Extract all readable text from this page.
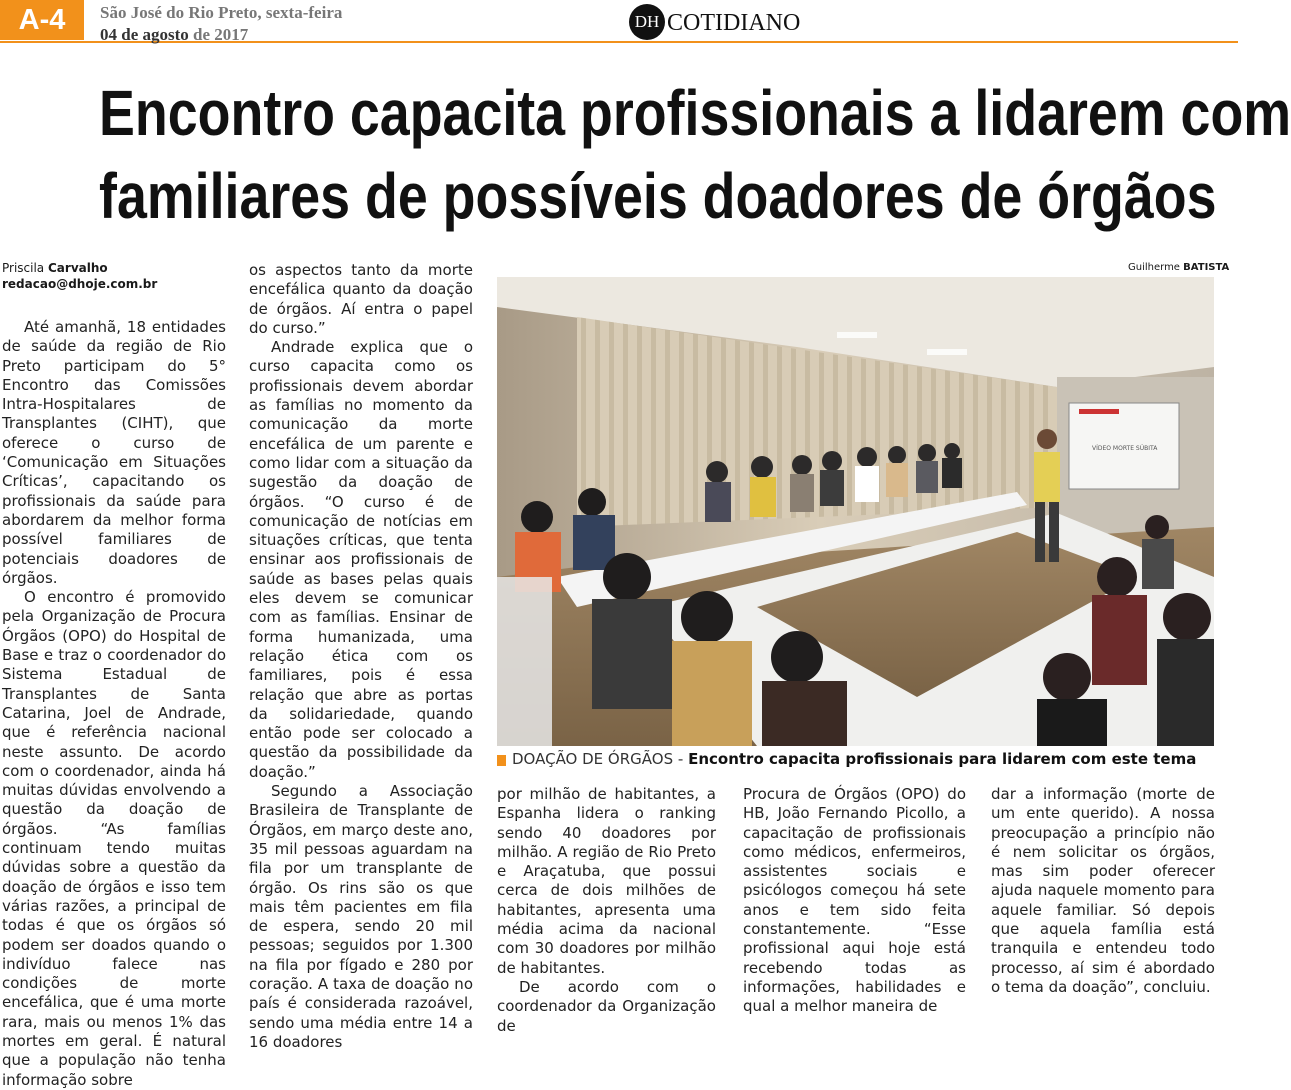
A-4	São José do Rio Preto, sexta-feira
04 de agosto de 2017
DH COTIDIANO
Encontro capacita profissionais a lidarem com
familiares de possíveis doadores de órgãos
Priscila Carvalho
redacao@dhoje.com.br

Até amanhã, 18 entidades de saúde da região de Rio Preto participam do 5° Encontro das Comissões Intra-Hospitalares de Transplantes (CIHT), que oferece o curso de ‘Comunicação em Situações Críticas’, capacitando os profissionais da saúde para abordarem da melhor forma possível familiares de potenciais doadores de órgãos.

O encontro é promovido pela Organização de Procura Órgãos (OPO) do Hospital de Base e traz o coordenador do Sistema Estadual de Transplantes de Santa Catarina, Joel de Andrade, que é referência nacional neste assunto. De acordo com o coordenador, ainda há muitas dúvidas envolvendo a questão da doação de órgãos. “As famílias continuam tendo muitas dúvidas sobre a questão da doação de órgãos e isso tem várias razões, a principal de todas é que os órgãos só podem ser doados quando o indivíduo falece nas condições de morte encefálica, que é uma morte rara, mais ou menos 1% das mortes em geral. É natural que a população não tenha informação sobre

os aspectos tanto da morte encefálica quanto da doação de órgãos. Aí entra o papel do curso.”

Andrade explica que o curso capacita como os profissionais devem abordar as famílias no momento da comunicação da morte encefálica de um parente e como lidar com a situação da sugestão da doação de órgãos. “O curso é de comunicação de notícias em situações críticas, que tenta ensinar aos profissionais de saúde as bases pelas quais eles devem se comunicar com as famílias. Ensinar de forma humanizada, uma relação ética com os familiares, pois é essa relação que abre as portas da solidariedade, quando então pode ser colocado a questão da possibilidade da doação.”

Segundo a Associação Brasileira de Transplante de Órgãos, em março deste ano, 35 mil pessoas aguardam na fila por um transplante de órgão. Os rins são os que mais têm pacientes em fila de espera, sendo 20 mil pessoas; seguidos por 1.300 na fila por fígado e 280 por coração. A taxa de doação no país é considerada razoável, sendo uma média entre 14 a 16 doadores

por milhão de habitantes, a Espanha lidera o ranking sendo 40 doadores por milhão. A região de Rio Preto e Araçatuba, que possui cerca de dois milhões de habitantes, apresenta uma média acima da nacional com 30 doadores por milhão de habitantes.

De acordo com o coordenador da Organização de

Procura de Órgãos (OPO) do HB, João Fernando Picollo, a capacitação de profissionais como médicos, enfermeiros, assistentes sociais e psicólogos começou há sete anos e tem sido feita constantemente. “Esse profissional aqui hoje está recebendo todas as informações, habilidades e qual a melhor maneira de

dar a informação (morte de um ente querido). A nossa preocupação a princípio não é nem solicitar os órgãos, mas sim poder oferecer ajuda naquele momento para aquele familiar. Só depois que aquela família está tranquila e entendeu todo processo, aí sim é abordado o tema da doação”, concluiu.

Guilherme BATISTA
VÍDEO MORTE SÚBITA
DOAÇÃO DE ÓRGÃOS - Encontro capacita profissionais para lidarem com este tema
